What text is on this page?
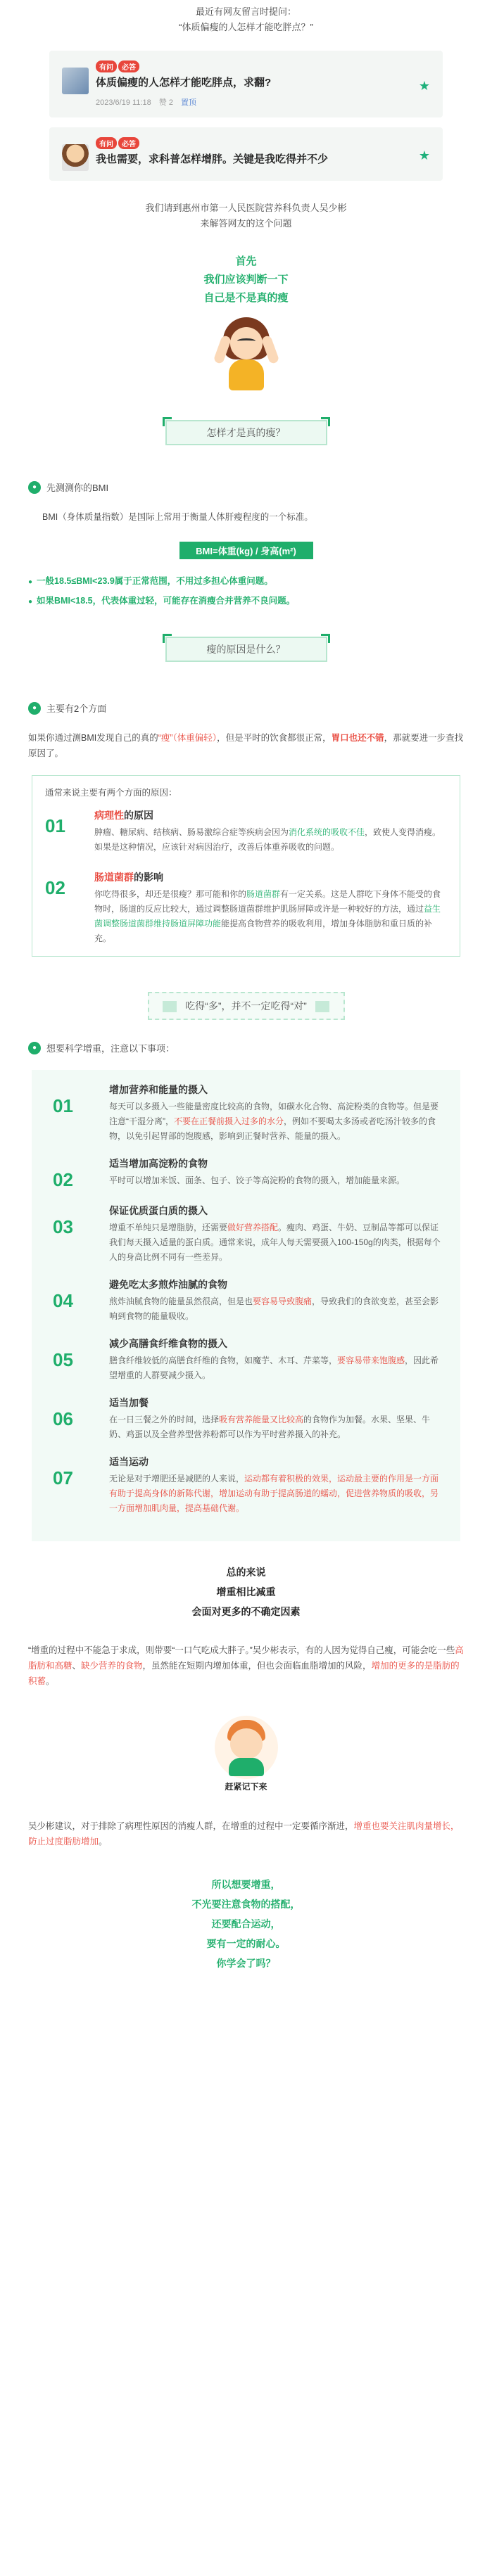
最近有网友留言时提问：
“体质偏瘦的人怎样才能吃胖点？”
有问	必答
体质偏瘦的人怎样才能吃胖点，求翻?
2023/6/19 11:18 赞 2 置顶
★
有问	必答
我也需要，求科普怎样增胖。关键是我吃得并不少	★
我们请到惠州市第一人民医院营养科负责人吴少彬
来解答网友的这个问题
首先
我们应该判断一下
自己是不是真的瘦
怎样才是真的瘦？
●	先测测你的BMI
BMI（身体质量指数）是国际上常用于衡量人体肝瘦程度的一个标准。
BMI=体重(kg) / 身高(m²)
● 一般18.5≤BMI<23.9属于正常范围，不用过多担心体重问题。
● 如果BMI<18.5，代表体重过轻，可能存在消瘦合并营养不良问题。
瘦的原因是什么？
●	主要有2个方面
如果你通过测BMI发现自己的真的“瘦”（体重偏轻），但是平时的饮食都很正常，胃口也还不错，那就要进一步查找原因了。
通常来说主要有两个方面的原因：
01	病理性的原因
肿瘤、糖尿病、结核病、肠易激综合症等疾病会因为消化系统的吸收不佳，致使人变得消瘦。如果是这种情况，应该针对病因治疗，改善后体重养吸收的问题。
02	肠道菌群的影响
你吃得很多，却还是很瘦？那可能和你的肠道菌群有一定关系。这是人群吃下身体不能受的食物时，肠道的反应比较大，通过调整肠道菌群维护肌肠屏障或许是一种较好的方法，通过益生菌调整肠道菌群维持肠道屏障功能能提高食物营养的吸收利用，增加身体脂肪和重日质的补充。
吃得“多”，并不一定吃得“对”
●	想要科学增重，注意以下事项：
01
增加营养和能量的摄入
每天可以多摄入一些能量密度比较高的食物，如碳水化合物、高淀粉类的食物等。但是要注意“干湿分离”，不要在正餐前摄入过多的水分，例如不要喝太多汤或者吃汤汁较多的食物，以免引起胃部的饱腹感，影响到正餐时营养、能量的摄入。
02
适当增加高淀粉的食物
平时可以增加米饭、面条、包子、饺子等高淀粉的食物的摄入，增加能量来源。
03
保证优质蛋白质的摄入
增重不单纯只是增脂肪，还需要做好营养搭配。瘦肉、鸡蛋、牛奶、豆制品等都可以保证我们每天摄入适量的蛋白质。通常来说，成年人每天需要摄入100-150g的肉类，根据每个人的身高比例不同有一些差异。
04
避免吃太多煎炸油腻的食物
煎炸油腻食物的能量虽然很高，但是也要容易导致腹痛，导致我们的食欲变差，甚至会影响到食物的能量吸收。
05
减少高膳食纤维食物的摄入
膳食纤维较低的高膳食纤维的食物，如魔芋、木耳、芹菜等，要容易带来饱腹感，因此希望增重的人群要减少摄入。
06
适当加餐
在一日三餐之外的时间，选择吸有营养能量又比较高的食物作为加餐。水果、坚果、牛奶、鸡蛋以及全营养型营养粉都可以作为平时营养摄入的补充。
07
适当运动
无论是对于增肥还是减肥的人来说，运动都有着积极的效果，运动最主要的作用是一方面有助于提高身体的新陈代谢，增加运动有助于提高肠道的蠕动，促进营养物质的吸收，另一方面增加肌肉量，提高基础代谢。
总的来说
增重相比减重
会面对更多的不确定因素
“增重的过程中不能急于求成，则带要“一口气吃成大胖子。”吴少彬表示，有的人因为觉得自己瘦，可能会吃一些高脂肪和高糖、缺少营养的食物，虽然能在短期内增加体重，但也会面临血脂增加的风险，增加的更多的是脂肪的积蓄。
赶紧记下来
吴少彬建议，对于排除了病理性原因的消瘦人群，在增重的过程中一定要循序渐进，增重也要关注肌肉量增长，防止过度脂肪增加。
所以想要增重，
不光要注意食物的搭配，
还要配合运动，
要有一定的耐心。
你学会了吗？
